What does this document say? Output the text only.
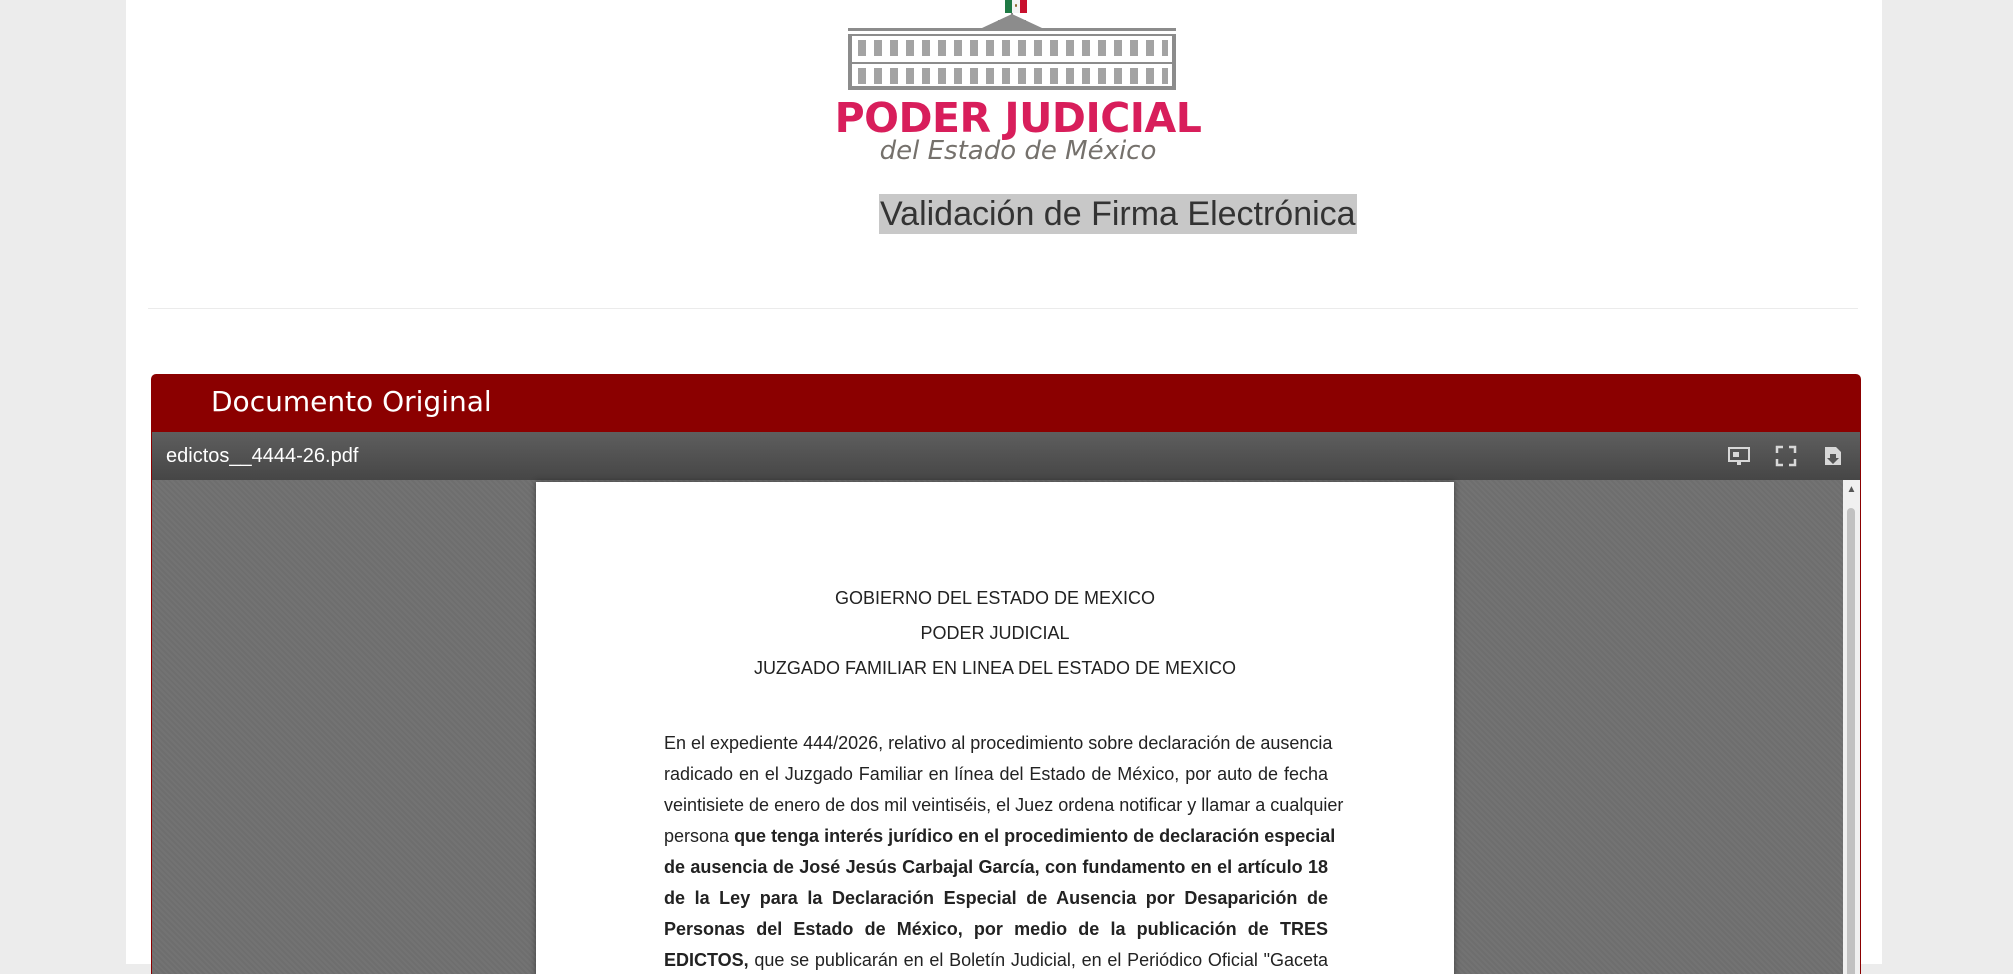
PODER JUDICIAL
del Estado de México
Validación de Firma Electrónica
Documento Original
edictos__4444-26.pdf
GOBIERNO DEL ESTADO DE MEXICO
PODER JUDICIAL
JUZGADO FAMILIAR EN LINEA DEL ESTADO DE MEXICO
En el expediente 444/2026, relativo al procedimiento sobre declaración de ausencia
radicado en el Juzgado Familiar en línea del Estado de México, por auto de fecha
veintisiete de enero de dos mil veintiséis, el Juez ordena notificar y llamar a cualquier
persona que tenga interés jurídico en el procedimiento de declaración especial
de ausencia de José Jesús Carbajal García, con fundamento en el artículo 18
de la Ley para la Declaración Especial de Ausencia por Desaparición de
Personas del Estado de México, por medio de la publicación de TRES
EDICTOS, que se publicarán en el Boletín Judicial, en el Periódico Oficial "Gaceta
▲
